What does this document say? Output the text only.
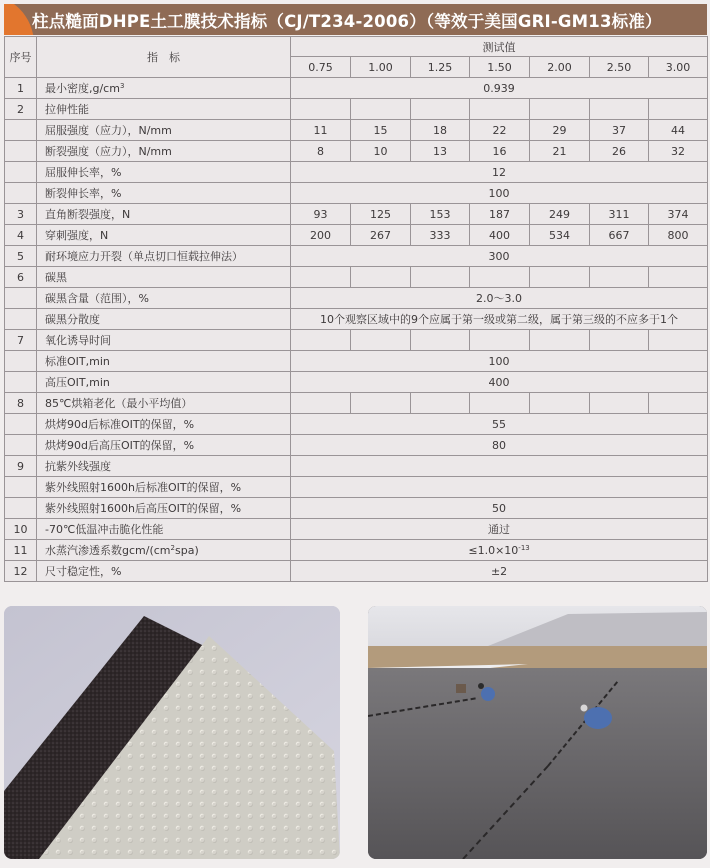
柱点糙面DHPE土工膜技术指标（CJ/T234-2006）（等效于美国GRI-GM13标准）
序号	指　标	测试值						
		0.75	1.00	1.25	1.50	2.00	2.50	3.00
1	最小密度$,g/cm^3$	0.939						
2	拉伸性能							
	屈服强度（应力），N/mm	11	15	18	22	29	37	44
	断裂强度（应力），N/mm	8	10	13	16	21	26	32
	屈服伸长率，%	12						
	断裂伸长率，%	100						
3	直角断裂强度，N	93	125	153	187	249	311	374
4	穿刺强度，N	200	267	333	400	534	667	800
5	耐环境应力开裂（单点切口恒载拉伸法）	300						
6	碳黑							
	碳黑含量（范围），%	2.0～3.0						
	碳黑分散度	10个观察区域中的9个应属于第一级或第二级，属于第三级的不应多于1个						
7	氧化诱导时间							
	标准OIT,min	100						
	高压OIT,min	400						
8	85℃烘箱老化（最小平均值）							
	烘烤90d后标准OIT的保留，%	55						
	烘烤90d后高压OIT的保留，%	80						
9	抗紫外线强度							
	紫外线照射1600h后标准OIT的保留，%							
	紫外线照射1600h后高压OIT的保留，%	50						
10	-70℃低温冲击脆化性能	通过						
11	水蒸汽渗透系数gcm/$(cm^2spa)$	$\le 1.0\times 10^{-13}$
12	尺寸稳定性，%	±2						
